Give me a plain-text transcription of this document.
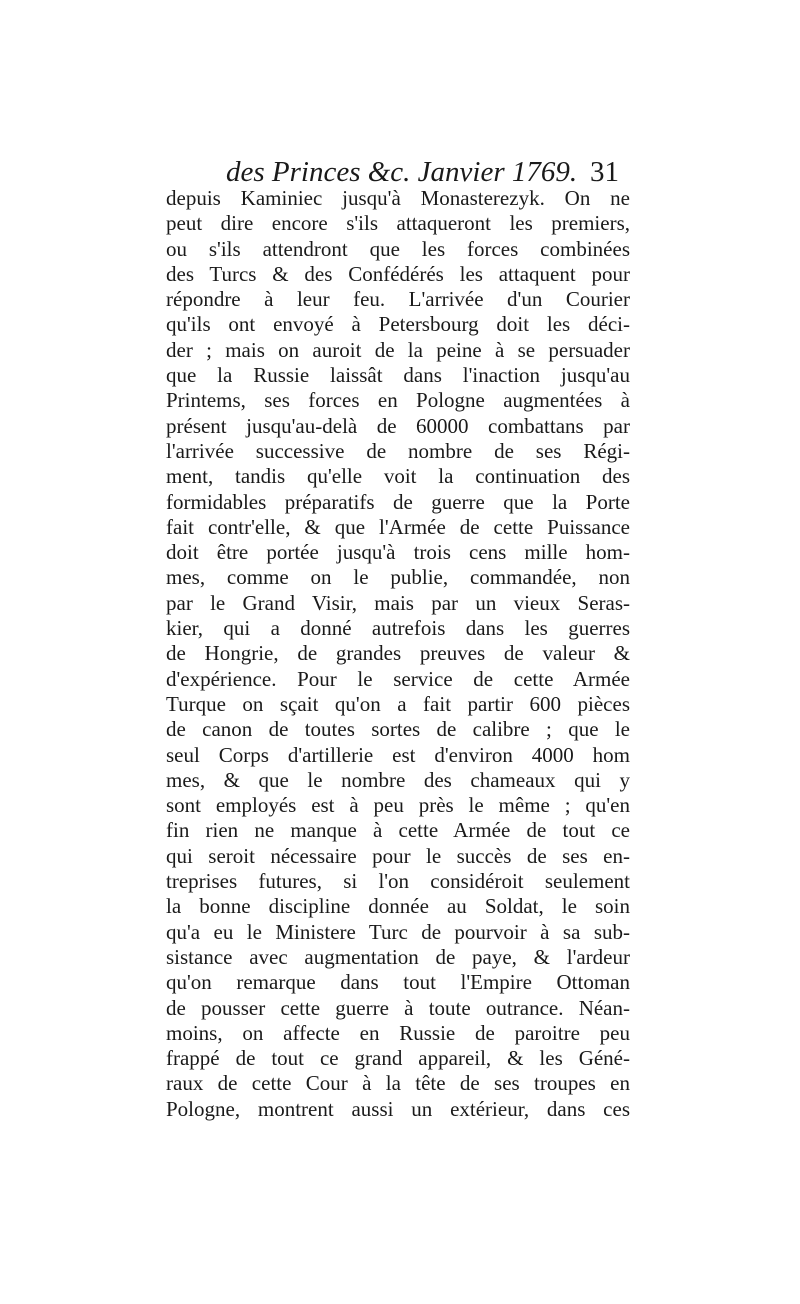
des Princes &c. Janvier 1769. 31
depuis Kaminiec jusqu'à Monasterezyk. On ne
peut dire encore s'ils attaqueront les premiers,
ou s'ils attendront que les forces combinées
des Turcs & des Confédérés les attaquent pour
répondre à leur feu. L'arrivée d'un Courier
qu'ils ont envoyé à Petersbourg doit les déci-
der ; mais on auroit de la peine à se persuader
que la Russie laissât dans l'inaction jusqu'au
Printems, ses forces en Pologne augmentées à
présent jusqu'au-delà de 60000 combattans par
l'arrivée successive de nombre de ses Régi-
ment, tandis qu'elle voit la continuation des
formidables préparatifs de guerre que la Porte
fait contr'elle, & que l'Armée de cette Puissance
doit être portée jusqu'à trois cens mille hom-
mes, comme on le publie, commandée, non
par le Grand Visir, mais par un vieux Seras-
kier, qui a donné autrefois dans les guerres
de Hongrie, de grandes preuves de valeur &
d'expérience. Pour le service de cette Armée
Turque on sçait qu'on a fait partir 600 pièces
de canon de toutes sortes de calibre ; que le
seul Corps d'artillerie est d'environ 4000 hom
mes, & que le nombre des chameaux qui y
sont employés est à peu près le même ; qu'en
fin rien ne manque à cette Armée de tout ce
qui seroit nécessaire pour le succès de ses en-
treprises futures, si l'on considéroit seulement
la bonne discipline donnée au Soldat, le soin
qu'a eu le Ministere Turc de pourvoir à sa sub-
sistance avec augmentation de paye, & l'ardeur
qu'on remarque dans tout l'Empire Ottoman
de pousser cette guerre à toute outrance. Néan-
moins, on affecte en Russie de paroitre peu
frappé de tout ce grand appareil, & les Géné-
raux de cette Cour à la tête de ses troupes en
Pologne, montrent aussi un extérieur, dans ces
